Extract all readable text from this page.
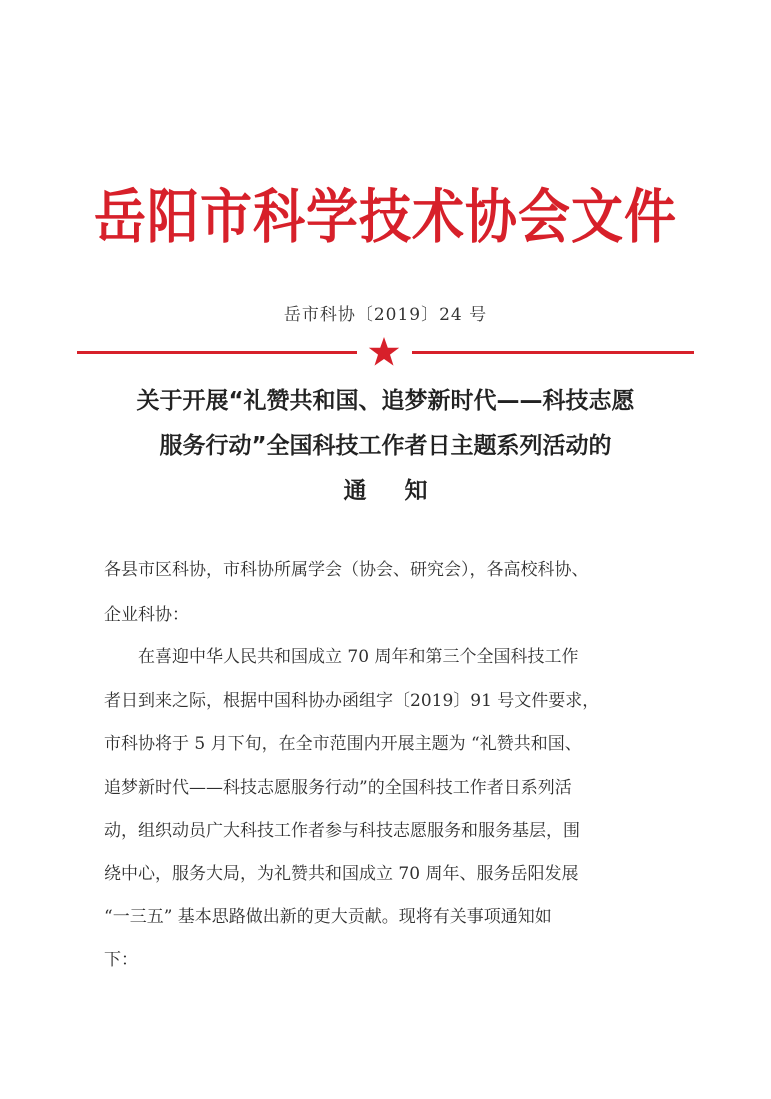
岳阳市科学技术协会文件
岳市科协〔2019〕24 号
关于开展“礼赞共和国、追梦新时代——科技志愿
服务行动”全国科技工作者日主题系列活动的
通知
各县市区科协，市科协所属学会（协会、研究会），各高校科协、
企业科协：
　　在喜迎中华人民共和国成立 70 周年和第三个全国科技工作
者日到来之际，根据中国科协办函组字〔2019〕91 号文件要求，
市科协将于 5 月下旬，在全市范围内开展主题为 “礼赞共和国、
追梦新时代——科技志愿服务行动”的全国科技工作者日系列活
动，组织动员广大科技工作者参与科技志愿服务和服务基层，围
绕中心，服务大局，为礼赞共和国成立 70 周年、服务岳阳发展
“一三五” 基本思路做出新的更大贡献。现将有关事项通知如
下：
